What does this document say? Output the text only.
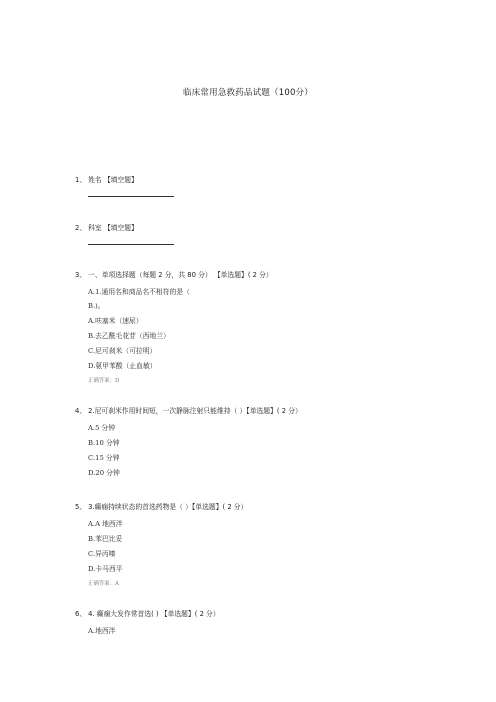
临床常用急救药品试题（100分）
1、 姓名 【填空题】
2、 科室 【填空题】
3、 一、单项选择题（每题 2 分，共 80 分） 【单选题】( 2 分）
A.1.通用名和商品名不相符的是（
B.)。
A.呋塞米（速尿）
B.去乙酰毛花苷（西地兰）
C.尼可刹米（可拉明）
D.氨甲苯酸（止血敏）
正确答案：D
4、 2.尼可刹米作用时间短，一次静脉注射只能维持（ ）【单选题】( 2 分）
A.5 分钟
B.10 分钟
C.15 分钟
D.20 分钟
5、 3.癫痫持续状态的首选药物是（ ）【单选题】( 2 分）
A.A 地西泮
B.苯巴比妥
C.异丙嗪
D.卡马西平
正确答案：A
6、 4. 癫痫大发作常首选( ) 【单选题】( 2 分）
A.地西泮
